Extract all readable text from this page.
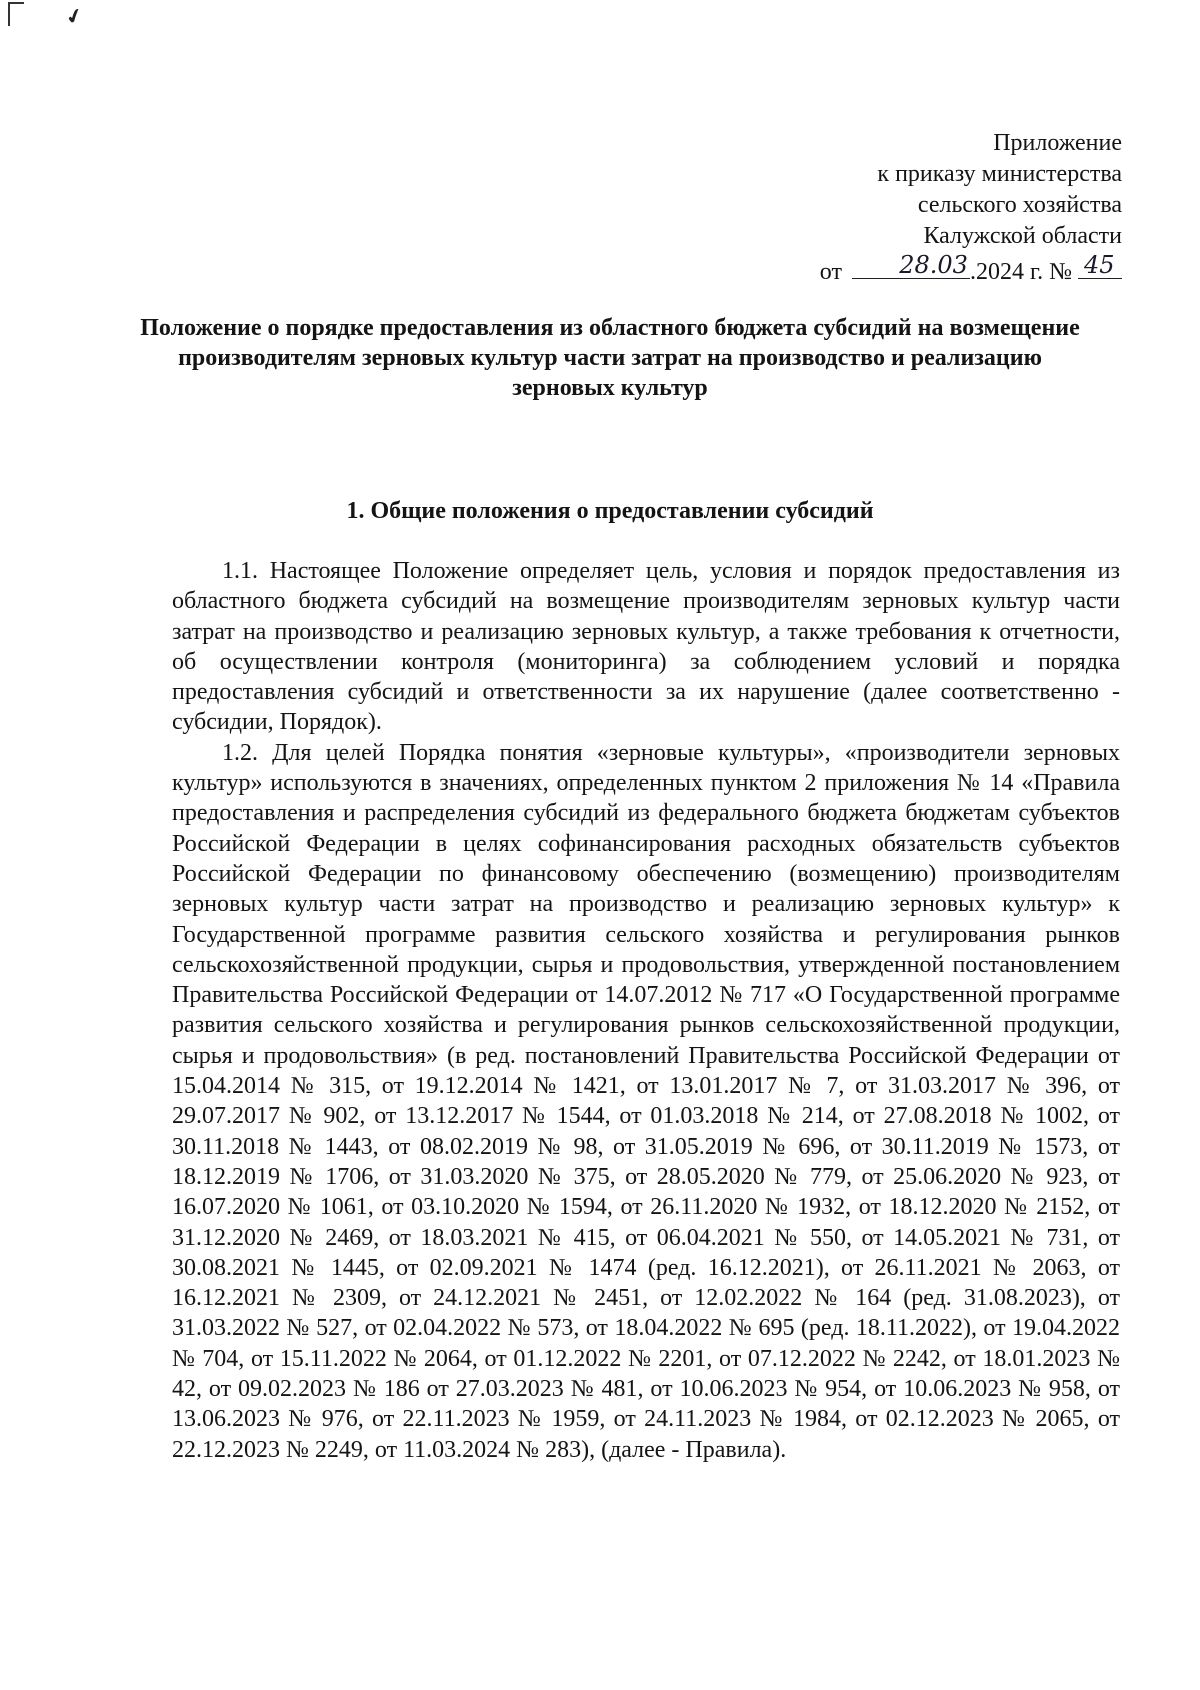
✔
Приложение
к приказу министерства
сельского хозяйства
Калужской области
от 28.03 .2024 г. № 45
Положение о порядке предоставления из областного бюджета субсидий на возмещение производителям зерновых культур части затрат на производство и реализацию зерновых культур
1. Общие положения о предоставлении субсидий

1.1. Настоящее Положение определяет цель, условия и порядок предоставления из областного бюджета субсидий на возмещение производителям зерновых культур части затрат на производство и реализацию зерновых культур, а также требования к отчетности, об осуществлении контроля (мониторинга) за соблюдением условий и порядка предоставления субсидий и ответственности за их нарушение (далее соответственно - субсидии, Порядок).

1.2. Для целей Порядка понятия «зерновые культуры», «производители зерновых культур» используются в значениях, определенных пунктом 2 приложения № 14 «Правила предоставления и распределения субсидий из федерального бюджета бюджетам субъектов Российской Федерации в целях софинансирования расходных обязательств субъектов Российской Федерации по финансовому обеспечению (возмещению) производителям зерновых культур части затрат на производство и реализацию зерновых культур» к Государственной программе развития сельского хозяйства и регулирования рынков сельскохозяйственной продукции, сырья и продовольствия, утвержденной постановлением Правительства Российской Федерации от 14.07.2012 № 717 «О Государственной программе развития сельского хозяйства и регулирования рынков сельскохозяйственной продукции, сырья и продовольствия» (в ред. постановлений Правительства Российской Федерации от 15.04.2014 № 315, от 19.12.2014 № 1421, от 13.01.2017 № 7, от 31.03.2017 № 396, от 29.07.2017 № 902, от 13.12.2017 № 1544, от 01.03.2018 № 214, от 27.08.2018 № 1002, от 30.11.2018 № 1443, от 08.02.2019 № 98, от 31.05.2019 № 696, от 30.11.2019 № 1573, от 18.12.2019 № 1706, от 31.03.2020 № 375, от 28.05.2020 № 779, от 25.06.2020 № 923, от 16.07.2020 № 1061, от 03.10.2020 № 1594, от 26.11.2020 № 1932, от 18.12.2020 № 2152, от 31.12.2020 № 2469, от 18.03.2021 № 415, от 06.04.2021 № 550, от 14.05.2021 № 731, от 30.08.2021 № 1445, от 02.09.2021 № 1474 (ред. 16.12.2021), от 26.11.2021 № 2063, от 16.12.2021 № 2309, от 24.12.2021 № 2451, от 12.02.2022 № 164 (ред. 31.08.2023), от 31.03.2022 № 527, от 02.04.2022 № 573, от 18.04.2022 № 695 (ред. 18.11.2022), от 19.04.2022 № 704, от 15.11.2022 № 2064, от 01.12.2022 № 2201, от 07.12.2022 № 2242, от 18.01.2023 № 42, от 09.02.2023 № 186 от 27.03.2023 № 481, от 10.06.2023 № 954, от 10.06.2023 № 958, от 13.06.2023 № 976, от 22.11.2023 № 1959, от 24.11.2023 № 1984, от 02.12.2023 № 2065, от 22.12.2023 № 2249, от 11.03.2024 № 283), (далее - Правила).
